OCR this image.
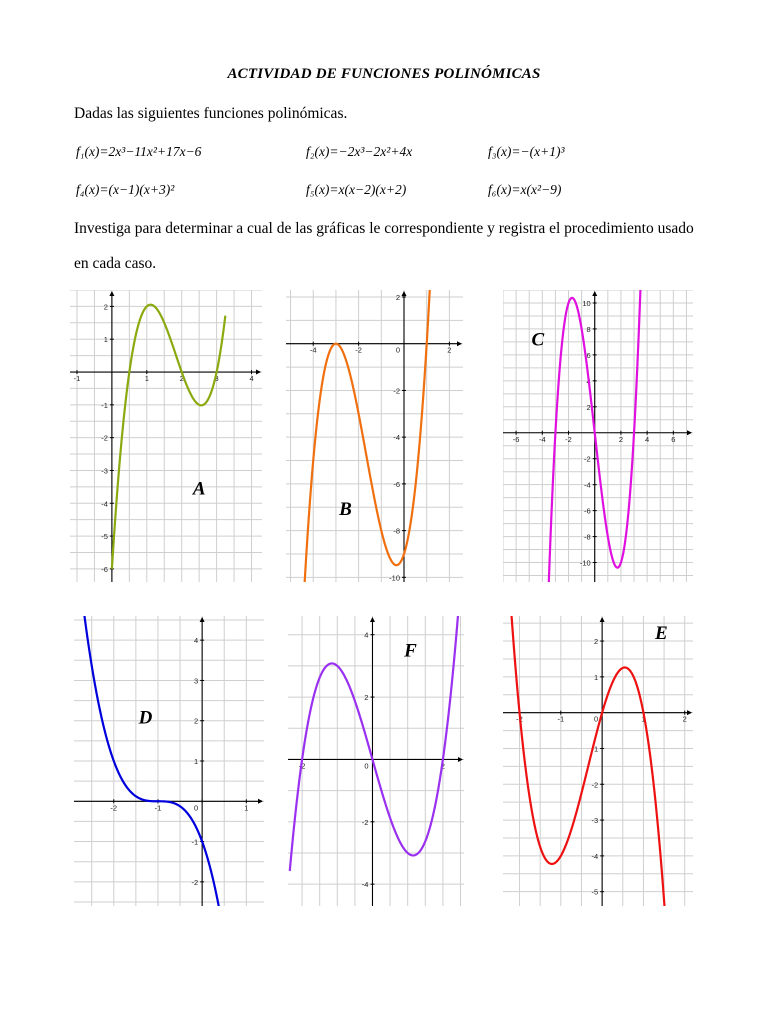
ACTIVIDAD DE FUNCIONES POLINÓMICAS
Dadas las siguientes funciones polinómicas.
f₁(x)=2x³−11x²+17x−6	f₂(x)=−2x³−2x²+4x	f₃(x)=−(x+1)³
f₄(x)=(x−1)(x+3)²	f₅(x)=x(x−2)(x+2)	f₆(x)=x(x²−9)
Investiga para determinar a cual de las gráficas le correspondiente y registra el procedimiento usado
en cada caso.
-1	1	2	3	4
-6
-5
-4
-3
-2
-1
1
2
A
-4	-2	0	2
-10
-8
-6
-4
-2
2
B
-6	-4	-2	2	4	6
-10
-8
-6
-4
-2
2
4
6
8
10
C
-2	-1	0	1
-2
-1
1
2
3
4
D
-2	0	2
-4
-2
2
4
F
-2	-1	0	1	2
-5
-4
-3
-2
-1
1
2	E
